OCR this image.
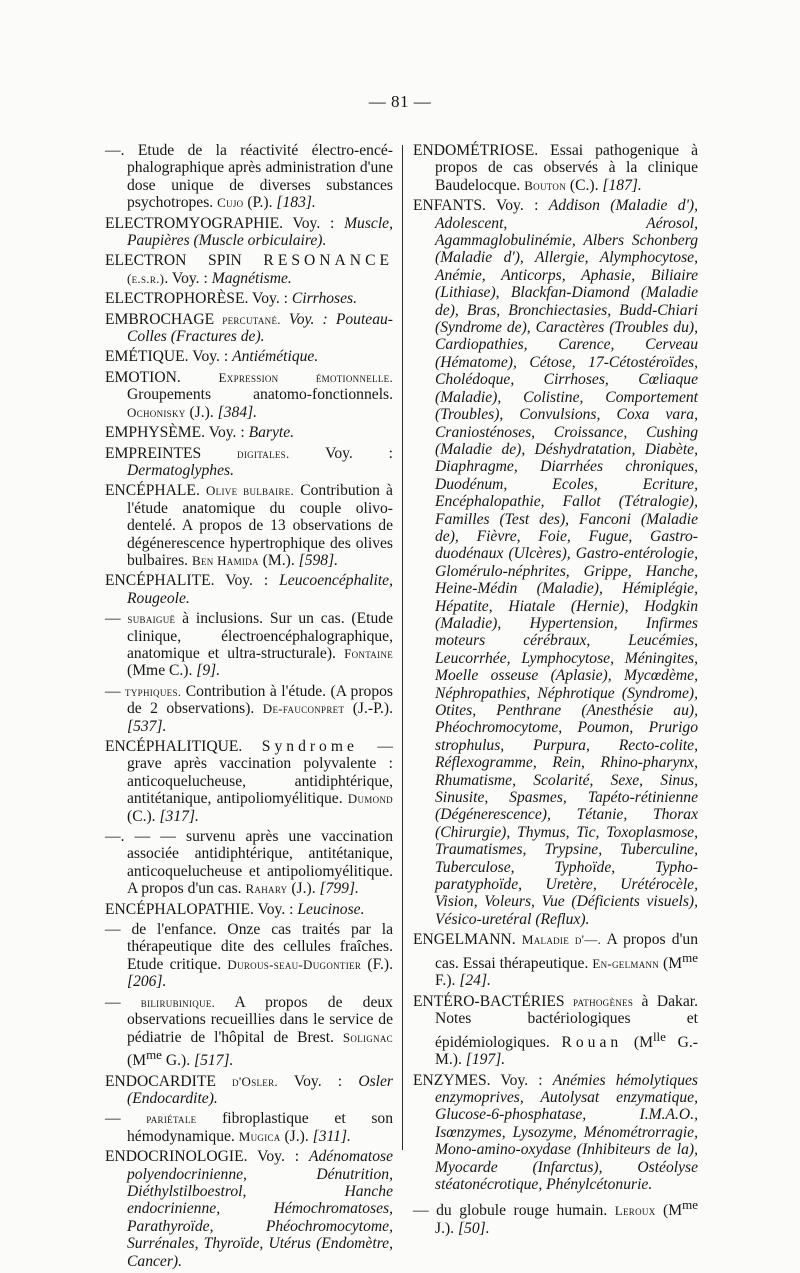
— 81 —
—. Etude de la réactivité électro-encé-phalographique après administration d'une dose unique de diverses substances psychotropes. Cujo (P.). [183].
ELECTROMYOGRAPHIE. Voy. : Muscle, Paupières (Muscle orbiculaire).
ELECTRON SPIN RESONANCE (e.s.r.). Voy. : Magnétisme.
ELECTROPHORÈSE. Voy. : Cirrhoses.
EMBROCHAGE percutané. Voy. : Pouteau-Colles (Fractures de).
EMÉTIQUE. Voy. : Antiémétique.
EMOTION. Expression émotionnelle. Groupements anatomo-fonctionnels. Ochonisky (J.). [384].
EMPHYSÈME. Voy. : Baryte.
EMPREINTES digitales. Voy. : Dermatoglyphes.
ENCÉPHALE. Olive bulbaire. Contribution à l'étude anatomique du couple olivo-dentelé. A propos de 13 observations de dégénerescence hypertrophique des olives bulbaires. Ben Hamida (M.). [598].
ENCÉPHALITE. Voy. : Leucoencéphalite, Rougeole.
— subaiguë à inclusions. Sur un cas. (Etude clinique, électroencéphalographique, anatomique et ultra-structurale). Fontaine (Mme C.). [9].
— typhiques. Contribution à l'étude. (A propos de 2 observations). De-fauconpret (J.-P.). [537].
ENCÉPHALITIQUE. Syndrome — grave après vaccination polyvalente : anticoquelucheuse, antidiphtérique, antitétanique, antipoliomyélitique. Dumond (C.). [317].
—. — — survenu après une vaccination associée antidiphtérique, antitétanique, anticoquelucheuse et antipoliomyélitique. A propos d'un cas. Rahary (J.). [799].
ENCÉPHALOPATHIE. Voy. : Leucinose.
— de l'enfance. Onze cas traités par la thérapeutique dite des cellules fraîches. Etude critique. Durous-seau-Dugontier (F.). [206].
— bilirubinique. A propos de deux observations recueillies dans le service de pédiatrie de l'hôpital de Brest. Solignac ($M^{me}$ G.). [517].
ENDOCARDITE d'Osler. Voy. : Osler (Endocardite).
— pariétale fibroplastique et son hémodynamique. Mugica (J.). [311].
ENDOCRINOLOGIE. Voy. : Adénomatose polyendocrinienne, Dénutrition, Diéthylstilboestrol, Hanche endocrinienne, Hémochromatoses, Parathyroïde, Phéochromocytome, Surrénales, Thyroïde, Utérus (Endomètre, Cancer).
ENDOMÉTRIOSE. Essai pathogenique à propos de cas observés à la clinique Baudelocque. Bouton (C.). [187].
ENFANTS. Voy. : Addison (Maladie d'), Adolescent, Aérosol, Agammaglobulinémie, Albers Schonberg (Maladie d'), Allergie, Alymphocytose, Anémie, Anticorps, Aphasie, Biliaire (Lithiase), Blackfan-Diamond (Maladie de), Bras, Bronchiectasies, Budd-Chiari (Syndrome de), Caractères (Troubles du), Cardiopathies, Carence, Cerveau (Hématome), Cétose, 17-Cétostéroïdes, Cholédoque, Cirrhoses, Cœliaque (Maladie), Colistine, Comportement (Troubles), Convulsions, Coxa vara, Craniosténoses, Croissance, Cushing (Maladie de), Déshydratation, Diabète, Diaphragme, Diarrhées chroniques, Duodénum, Ecoles, Ecriture, Encéphalopathie, Fallot (Tétralogie), Familles (Test des), Fanconi (Maladie de), Fièvre, Foie, Fugue, Gastro-duodénaux (Ulcères), Gastro-entérologie, Glomérulo-néphrites, Grippe, Hanche, Heine-Médin (Maladie), Hémiplégie, Hépatite, Hiatale (Hernie), Hodgkin (Maladie), Hypertension, Infirmes moteurs cérébraux, Leucémies, Leucorrhée, Lymphocytose, Méningites, Moelle osseuse (Aplasie), Mycœdème, Néphropathies, Néphrotique (Syndrome), Otites, Penthrane (Anesthésie au), Phéochromocytome, Poumon, Prurigo strophulus, Purpura, Recto-colite, Réflexogramme, Rein, Rhino-pharynx, Rhumatisme, Scolarité, Sexe, Sinus, Sinusite, Spasmes, Tapéto-rétinienne (Dégénerescence), Tétanie, Thorax (Chirurgie), Thymus, Tic, Toxoplasmose, Traumatismes, Trypsine, Tuberculine, Tuberculose, Typhoïde, Typho-paratyphoïde, Uretère, Urétérocèle, Vision, Voleurs, Vue (Déficients visuels), Vésico-uretéral (Reflux).
ENGELMANN. Maladie d'—. A propos d'un cas. Essai thérapeutique. En-gelmann ($M^{me}$ F.). [24].
ENTÉRO-BACTÉRIES pathogènes à Dakar. Notes bactériologiques et épidémiologiques. Rouan ($M^{lle}$ G.-M.). [197].
ENZYMES. Voy. : Anémies hémolytiques enzymoprives, Autolysat enzymatique, Glucose-6-phosphatase, I.M.A.O., Isœnzymes, Lysozyme, Ménométrorragie, Mono-amino-oxydase (Inhibiteurs de la), Myocarde (Infarctus), Ostéolyse stéatonécrotique, Phénylcétonurie.
— du globule rouge humain. Leroux ($M^{me}$ J.). [50].
